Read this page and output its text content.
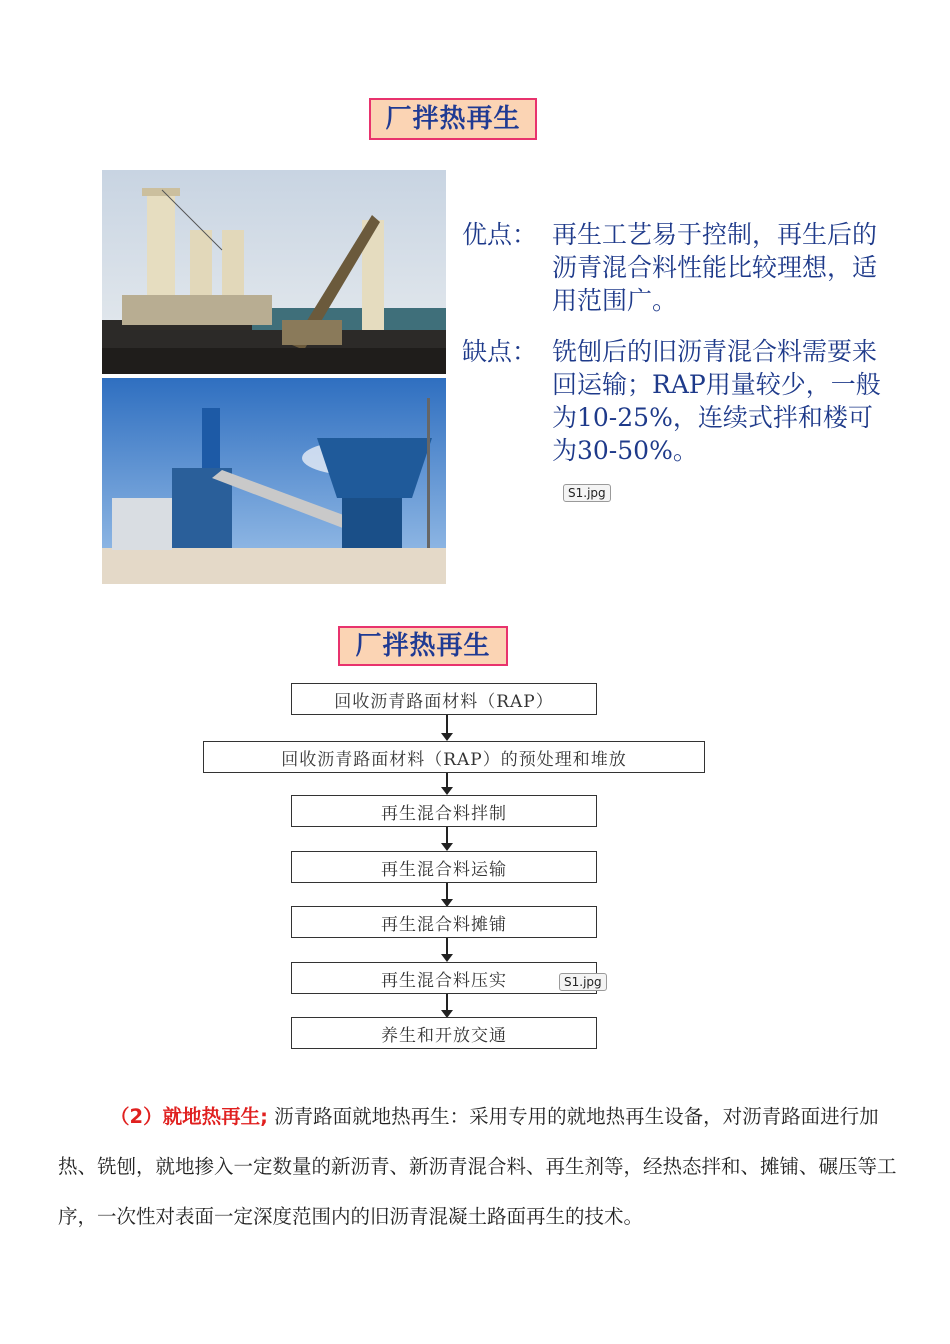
厂拌热再生
优点： 再生工艺易于控制，再生后的沥青混合料性能比较理想，适用范围广。
缺点： 铣刨后的旧沥青混合料需要来回运输；RAP用量较少，一般为10-25%，连续式拌和楼可为30-50%。
S1.jpg
厂拌热再生
回收沥青路面材料（RAP）
回收沥青路面材料（RAP）的预处理和堆放
再生混合料拌制
再生混合料运输
再生混合料摊铺
再生混合料压实
养生和开放交通
S1.jpg
（2）就地热再生; 沥青路面就地热再生：采用专用的就地热再生设备，对沥青路面进行加热、铣刨，就地掺入一定数量的新沥青、新沥青混合料、再生剂等，经热态拌和、摊铺、碾压等工序，一次性对表面一定深度范围内的旧沥青混凝土路面再生的技术。
